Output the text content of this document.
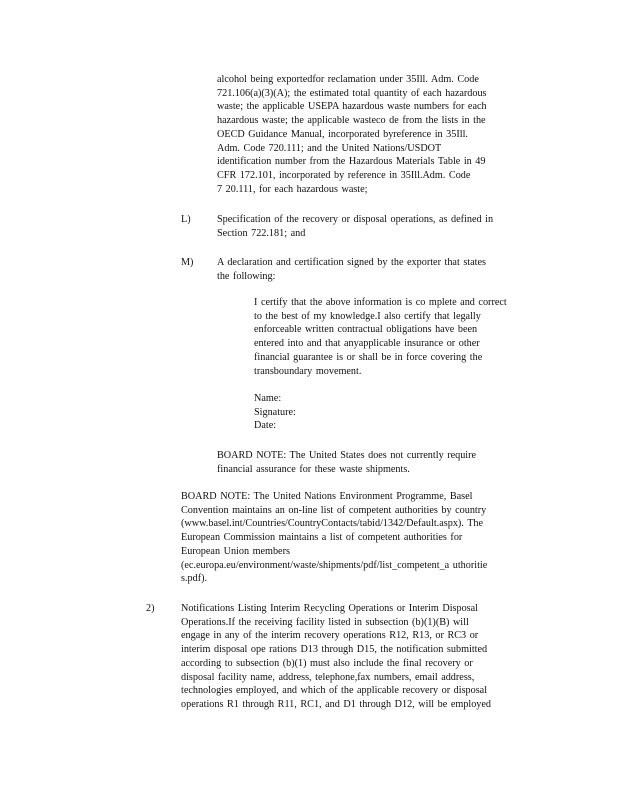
alcohol being exportedfor reclamation under 35Ill. Adm. Code
721.106(a)(3)(A); the estimated total quantity of each hazardous
waste; the applicable USEPA hazardous waste numbers for each
hazardous waste; the applicable wasteco de from the lists in the
OECD Guidance Manual, incorporated byreference in 35Ill.
Adm. Code 720.111; and the United Nations/USDOT
identification number from the Hazardous Materials Table in 49
CFR 172.101, incorporated by reference in 35Ill.Adm. Code
7 20.111, for each hazardous waste;
L)	Specification of the recovery or disposal operations, as defined in
Section 722.181; and
M) A declaration and certification signed by the exporter that states
the following:
I certify that the above information is co mplete and correct
to the best of my knowledge.I also certify that legally
enforceable written contractual obligations have been
entered into and that anyapplicable insurance or other
financial guarantee is or shall be in force covering the
transboundary movement.
Name:
Signature:
Date:
BOARD NOTE: The United States does not currently require
financial assurance for these waste shipments.
BOARD NOTE: The United Nations Environment Programme, Basel
Convention maintains an on-line list of competent authorities by country
(www.basel.int/Countries/CountryContacts/tabid/1342/Default.aspx). The
European Commission maintains a list of competent authorities for
European Union members
(ec.europa.eu/environment/waste/shipments/pdf/list_competent_a uthoritie
s.pdf).
2)	Notifications Listing Interim Recycling Operations or Interim Disposal
Operations.If the receiving facility listed in subsection (b)(1)(B) will
engage in any of the interim recovery operations R12, R13, or RC3 or
interim disposal ope rations D13 through D15, the notification submitted
according to subsection (b)(1) must also include the final recovery or
disposal facility name, address, telephone,fax numbers, email address,
technologies employed, and which of the applicable recovery or disposal
operations R1 through R11, RC1, and D1 through D12, will be employed
